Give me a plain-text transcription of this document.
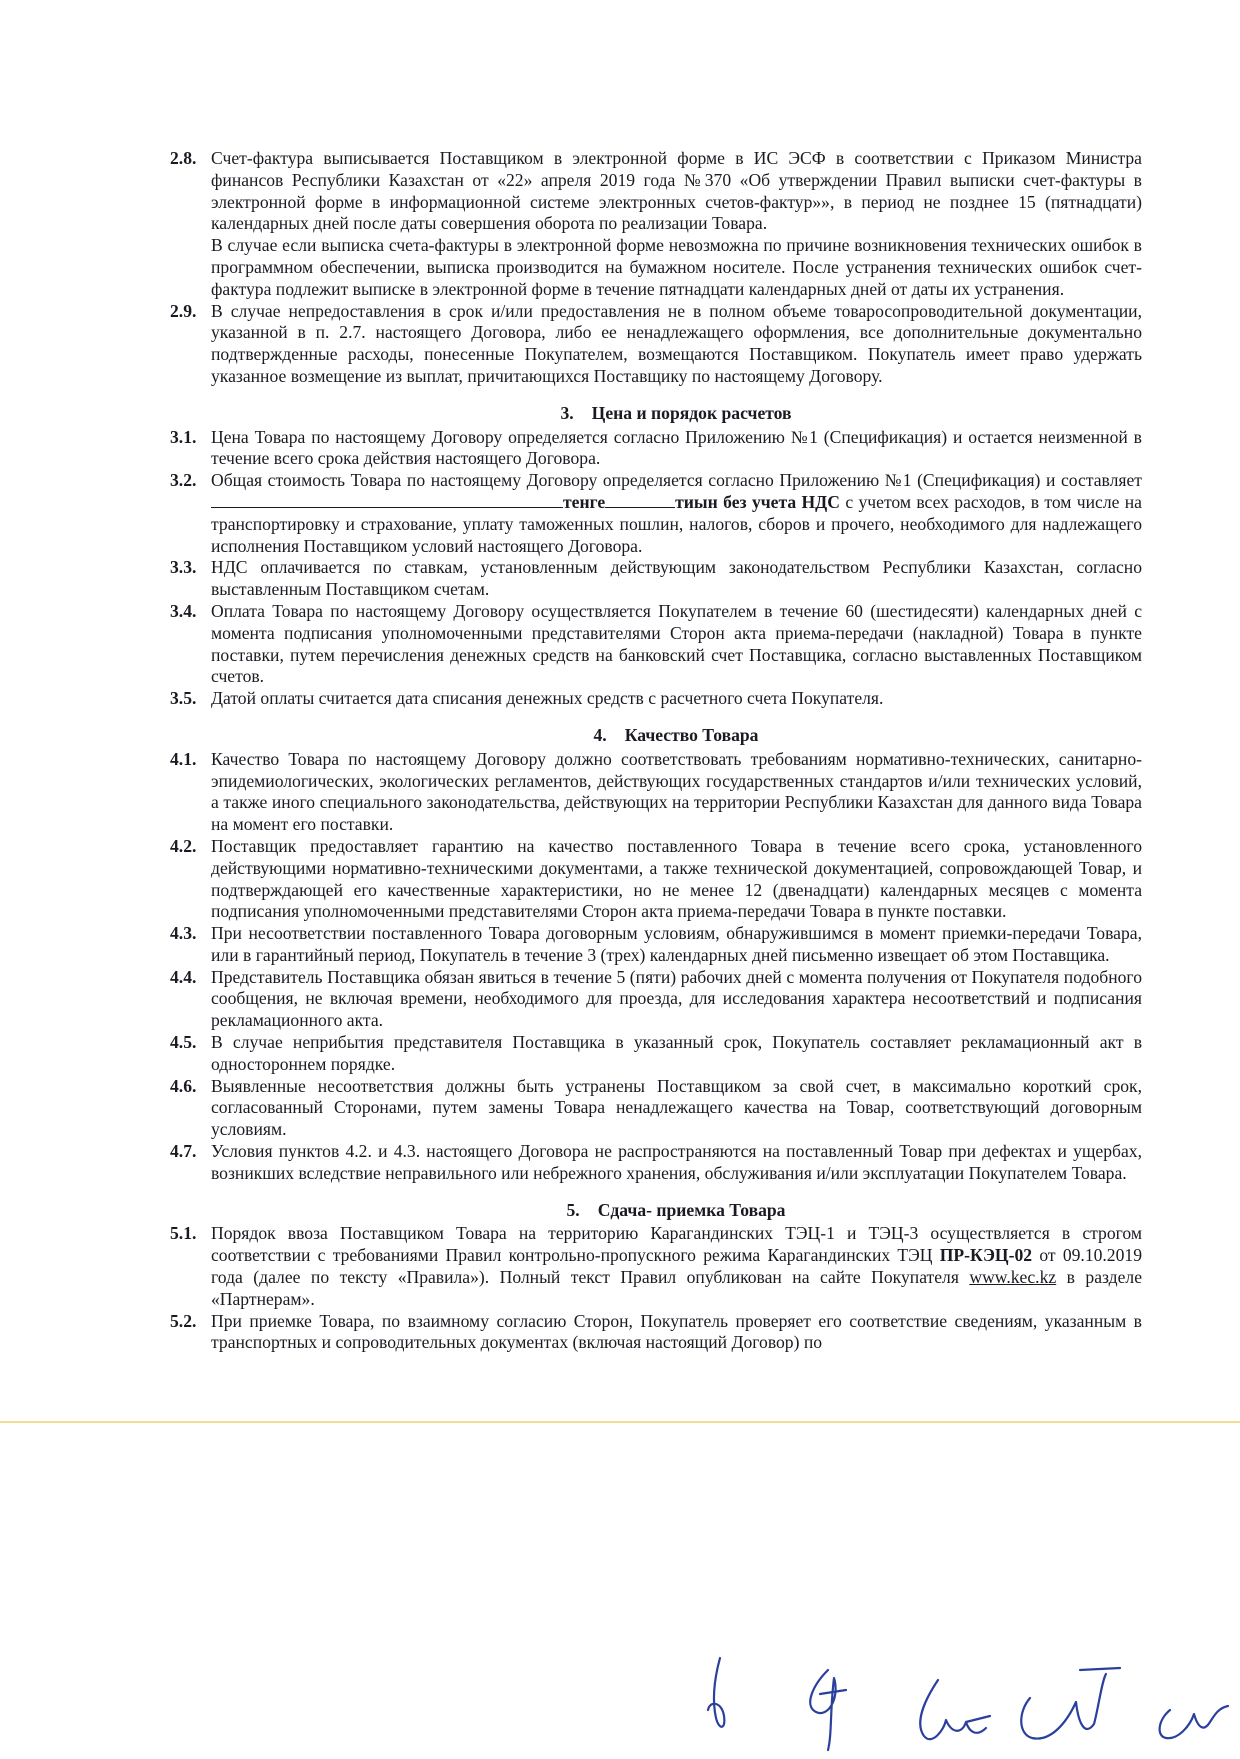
2.8. Счет-фактура выписывается Поставщиком в электронной форме в ИС ЭСФ в соответствии с Приказом Министра финансов Республики Казахстан от «22» апреля 2019 года №370 «Об утверждении Правил выписки счет-фактуры в электронной форме в информационной системе электронных счетов-фактур»», в период не позднее 15 (пятнадцати) календарных дней после даты совершения оборота по реализации Товара.

В случае если выписка счета-фактуры в электронной форме невозможна по причине возникновения технических ошибок в программном обеспечении, выписка производится на бумажном носителе. После устранения технических ошибок счет-фактура подлежит выписке в электронной форме в течение пятнадцати календарных дней от даты их устранения.

2.9. В случае непредоставления в срок и/или предоставления не в полном объеме товаросопроводительной документации, указанной в п. 2.7. настоящего Договора, либо ее ненадлежащего оформления, все дополнительные документально подтвержденные расходы, понесенные Покупателем, возмещаются Поставщиком. Покупатель имеет право удержать указанное возмещение из выплат, причитающихся Поставщику по настоящему Договору.

3. Цена и порядок расчетов
3.1. Цена Товара по настоящему Договору определяется согласно Приложению №1 (Спецификация) и остается неизменной в течение всего срока действия настоящего Договора.

3.2. Общая стоимость Товара по настоящему Договору определяется согласно Приложению №1 (Спецификация) и составляеттенге	тиын без учета НДС с учетом всех расходов, в том числе на транспортировку и страхование, уплату таможенных пошлин, налогов, сборов и прочего, необходимого для надлежащего исполнения Поставщиком условий настоящего Договора.

3.3. НДС оплачивается по ставкам, установленным действующим законодательством Республики Казахстан, согласно выставленным Поставщиком счетам.

3.4. Оплата Товара по настоящему Договору осуществляется Покупателем в течение 60 (шестидесяти) календарных дней с момента подписания уполномоченными представителями Сторон акта приема-передачи (накладной) Товара в пункте поставки, путем перечисления денежных средств на банковский счет Поставщика, согласно выставленных Поставщиком счетов.

3.5. Датой оплаты считается дата списания денежных средств с расчетного счета Покупателя.

4. Качество Товара
4.1. Качество Товара по настоящему Договору должно соответствовать требованиям нормативно-технических, санитарно-эпидемиологических, экологических регламентов, действующих государственных стандартов и/или технических условий, а также иного специального законодательства, действующих на территории Республики Казахстан для данного вида Товара на момент его поставки.

4.2. Поставщик предоставляет гарантию на качество поставленного Товара в течение всего срока, установленного действующими нормативно-техническими документами, а также технической документацией, сопровождающей Товар, и подтверждающей его качественные характеристики, но не менее 12 (двенадцати) календарных месяцев с момента подписания уполномоченными представителями Сторон акта приема-передачи Товара в пункте поставки.

4.3. При несоответствии поставленного Товара договорным условиям, обнаружившимся в момент приемки-передачи Товара, или в гарантийный период, Покупатель в течение 3 (трех) календарных дней письменно извещает об этом Поставщика.

4.4. Представитель Поставщика обязан явиться в течение 5 (пяти) рабочих дней с момента получения от Покупателя подобного сообщения, не включая времени, необходимого для проезда, для исследования характера несоответствий и подписания рекламационного акта.

4.5. В случае неприбытия представителя Поставщика в указанный срок, Покупатель составляет рекламационный акт в одностороннем порядке.

4.6. Выявленные несоответствия должны быть устранены Поставщиком за свой счет, в максимально короткий срок, согласованный Сторонами, путем замены Товара ненадлежащего качества на Товар, соответствующий договорным условиям.

4.7. Условия пунктов 4.2. и 4.3. настоящего Договора не распространяются на поставленный Товар при дефектах и ущербах, возникших вследствие неправильного или небрежного хранения, обслуживания и/или эксплуатации Покупателем Товара.

5. Сдача- приемка Товара
5.1. Порядок ввоза Поставщиком Товара на территорию Карагандинских ТЭЦ-1 и ТЭЦ-3 осуществляется в строгом соответствии с требованиями Правил контрольно-пропускного режима Карагандинских ТЭЦ ПР-КЭЦ-02 от 09.10.2019 года (далее по тексту «Правила»). Полный текст Правил опубликован на сайте Покупателя www.kec.kz в разделе «Партнерам».

5.2. При приемке Товара, по взаимному согласию Сторон, Покупатель проверяет его соответствие сведениям, указанным в транспортных и сопроводительных документах (включая настоящий Договор) по
